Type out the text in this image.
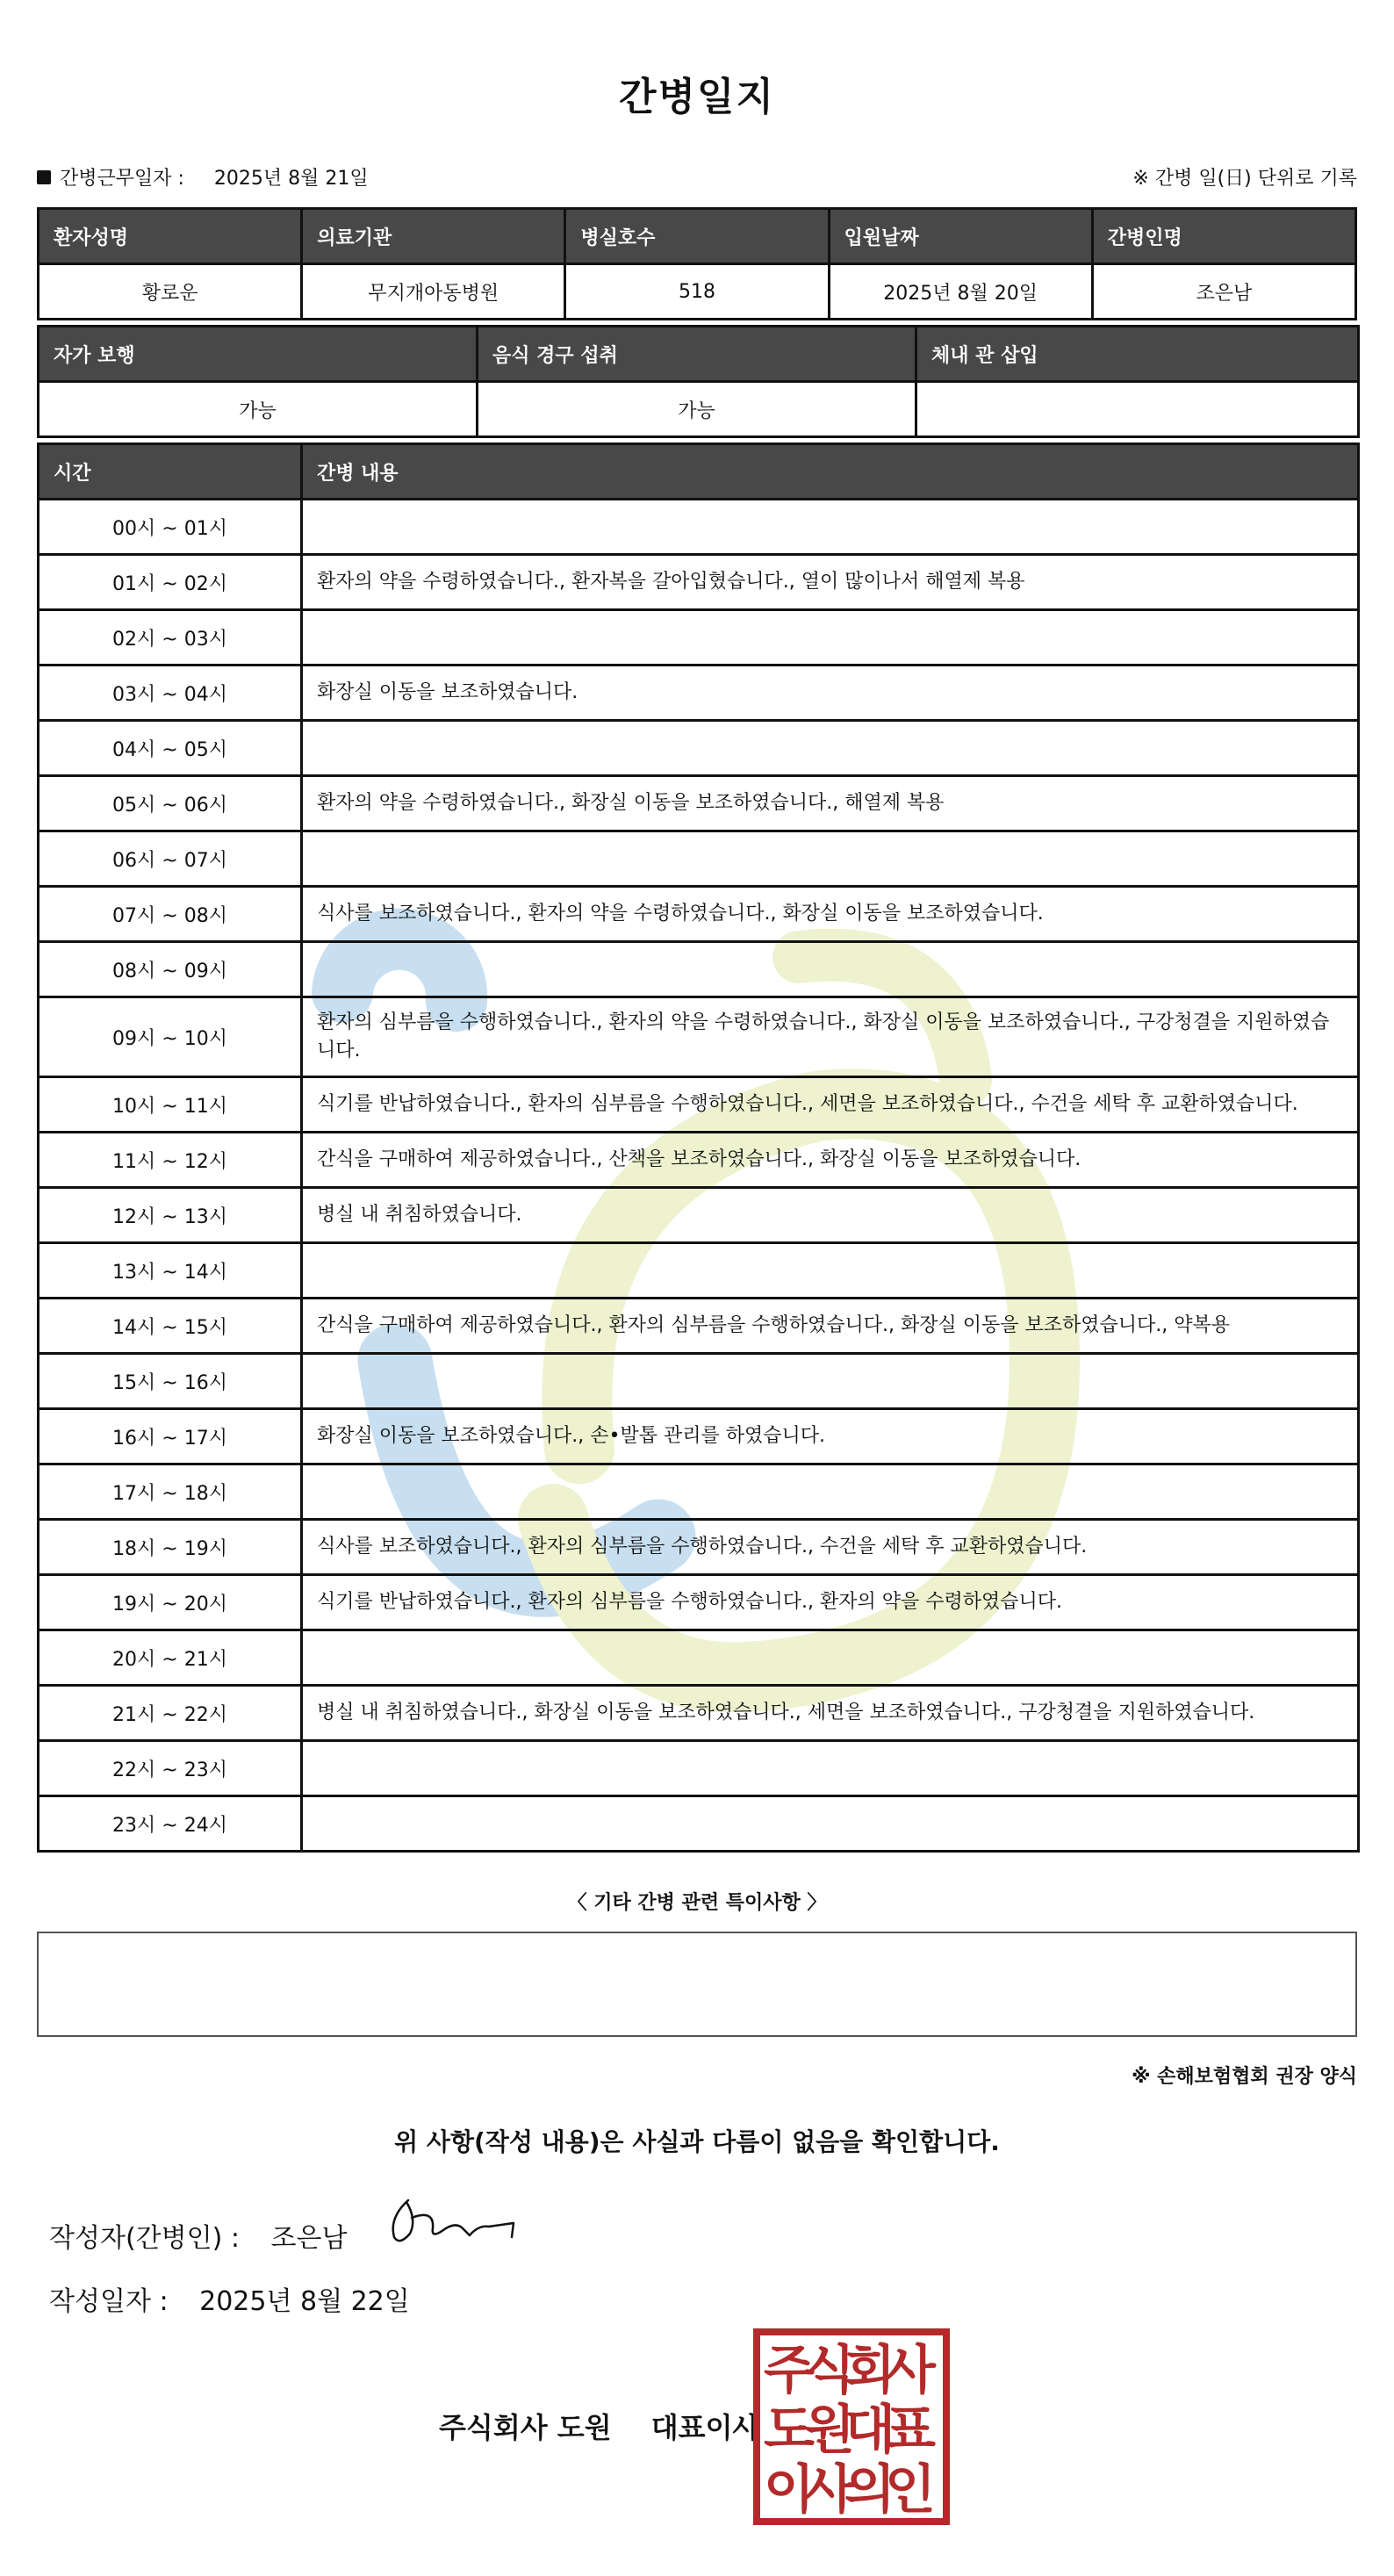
간병일지
간병근무일자 : 2025년 8월 21일	※ 간병 일(日) 단위로 기록
환자성명	의료기관	병실호수	입원날짜	간병인명
황로운	무지개아동병원	518	2025년 8월 20일	조은남
자가 보행	음식 경구 섭취	체내 관 삽입
가능	가능	
시간	간병 내용
00시 ~ 01시	
01시 ~ 02시	환자의 약을 수령하였습니다., 환자복을 갈아입혔습니다., 열이 많이나서 해열제 복용
02시 ~ 03시	
03시 ~ 04시	화장실 이동을 보조하였습니다.
04시 ~ 05시	
05시 ~ 06시	환자의 약을 수령하였습니다., 화장실 이동을 보조하였습니다., 해열제 복용
06시 ~ 07시	
07시 ~ 08시	식사를 보조하였습니다., 환자의 약을 수령하였습니다., 화장실 이동을 보조하였습니다.
08시 ~ 09시	
09시 ~ 10시	환자의 심부름을 수행하였습니다., 환자의 약을 수령하였습니다., 화장실 이동을 보조하였습니다., 구강청결을 지원하였습니다.
10시 ~ 11시	식기를 반납하였습니다., 환자의 심부름을 수행하였습니다., 세면을 보조하였습니다., 수건을 세탁 후 교환하였습니다.
11시 ~ 12시	간식을 구매하여 제공하였습니다., 산책을 보조하였습니다., 화장실 이동을 보조하였습니다.
12시 ~ 13시	병실 내 취침하였습니다.
13시 ~ 14시	
14시 ~ 15시	간식을 구매하여 제공하였습니다., 환자의 심부름을 수행하였습니다., 화장실 이동을 보조하였습니다., 약복용
15시 ~ 16시	
16시 ~ 17시	화장실 이동을 보조하였습니다., 손•발톱 관리를 하였습니다.
17시 ~ 18시	
18시 ~ 19시	식사를 보조하였습니다., 환자의 심부름을 수행하였습니다., 수건을 세탁 후 교환하였습니다.
19시 ~ 20시	식기를 반납하였습니다., 환자의 심부름을 수행하였습니다., 환자의 약을 수령하였습니다.
20시 ~ 21시	
21시 ~ 22시	병실 내 취침하였습니다., 화장실 이동을 보조하였습니다., 세면을 보조하였습니다., 구강청결을 지원하였습니다.
22시 ~ 23시	
23시 ~ 24시	
〈 기타 간병 관련 특이사항 〉
※ 손해보험협회 권장 양식
위 사항(작성 내용)은 사실과 다름이 없음을 확인합니다.
작성자(간병인) : 조은남
작성일자 : 2025년 8월 22일
주식회사 도원 대표이사
주
식
회
사
도
원
대
표
이
사
의
인
